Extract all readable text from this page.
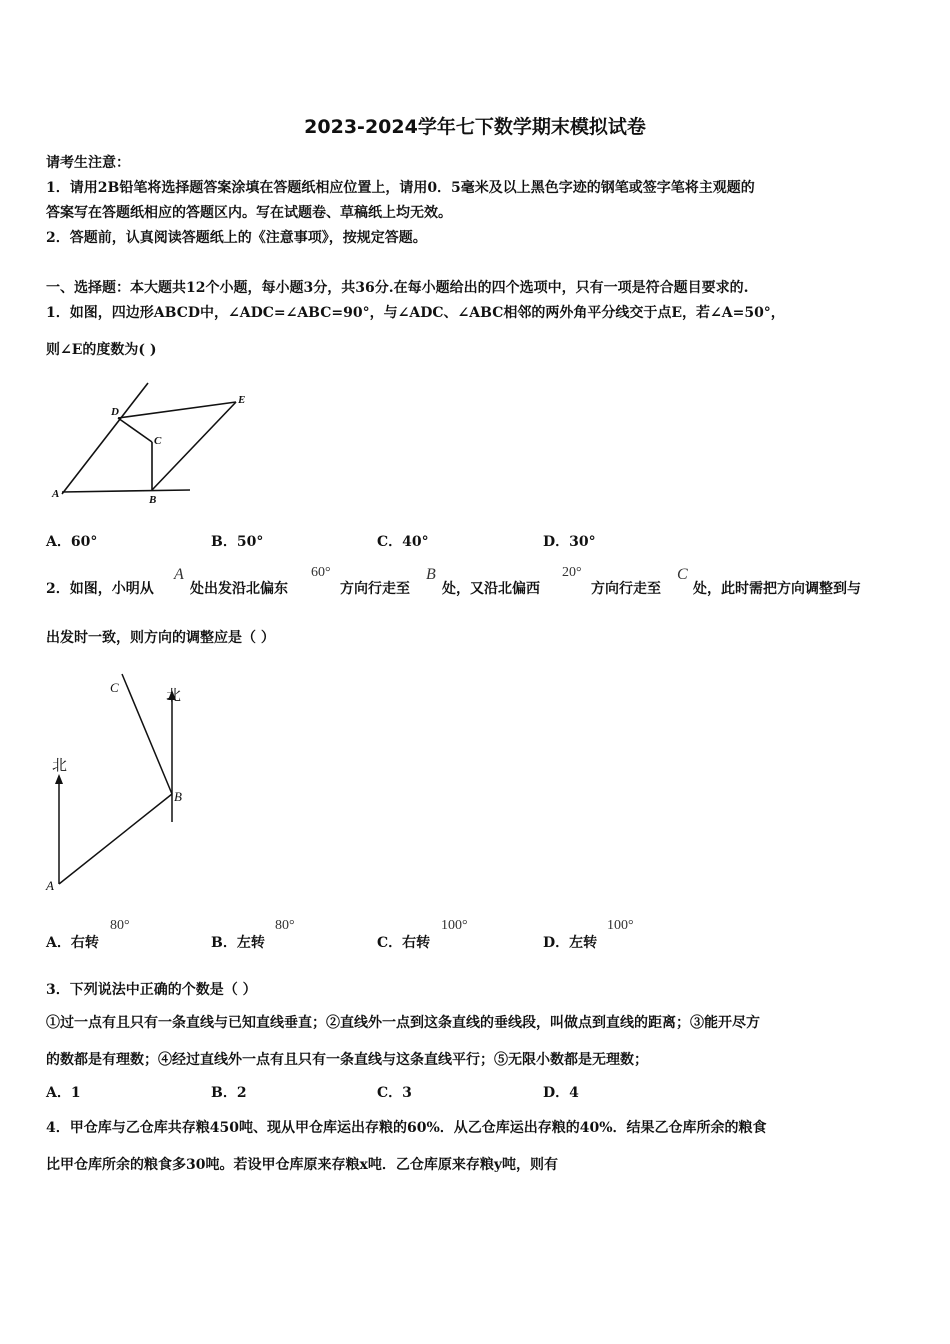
2023-2024学年七下数学期末模拟试卷
请考生注意：
1．请用2B铅笔将选择题答案涂填在答题纸相应位置上，请用0．5毫米及以上黑色字迹的钢笔或签字笔将主观题的
答案写在答题纸相应的答题区内。写在试题卷、草稿纸上均无效。
2．答题前，认真阅读答题纸上的《注意事项》，按规定答题。
一、选择题：本大题共12个小题，每小题3分，共36分.在每小题给出的四个选项中，只有一项是符合题目要求的.
1．如图，四边形ABCD中，∠ADC=∠ABC=90°，与∠ADC、∠ABC相邻的两外角平分线交于点E，若∠A=50°，
则∠E的度数为( )
A	B
C
D
E
A．60°	B．50°	C．40°	D．30°
2．如图，小明从
A
处出发沿北偏东
60°
方向行走至
B
处，又沿北偏西
20°
方向行走至
C
处，此时需把方向调整到与
出发时一致，则方向的调整应是（ ）
北
北
A
B
C
A．右转
80°
B．左转
80°
C．右转
100°
D．左转
100°
3．下列说法中正确的个数是（ ）
①过一点有且只有一条直线与已知直线垂直；②直线外一点到这条直线的垂线段，叫做点到直线的距离；③能开尽方
的数都是有理数；④经过直线外一点有且只有一条直线与这条直线平行；⑤无限小数都是无理数；
A．1	B．2	C．3	D．4
4．甲仓库与乙仓库共存粮450吨、现从甲仓库运出存粮的60%．从乙仓库运出存粮的40%．结果乙仓库所余的粮食
比甲仓库所余的粮食多30吨。若设甲仓库原来存粮x吨．乙仓库原来存粮y吨，则有
